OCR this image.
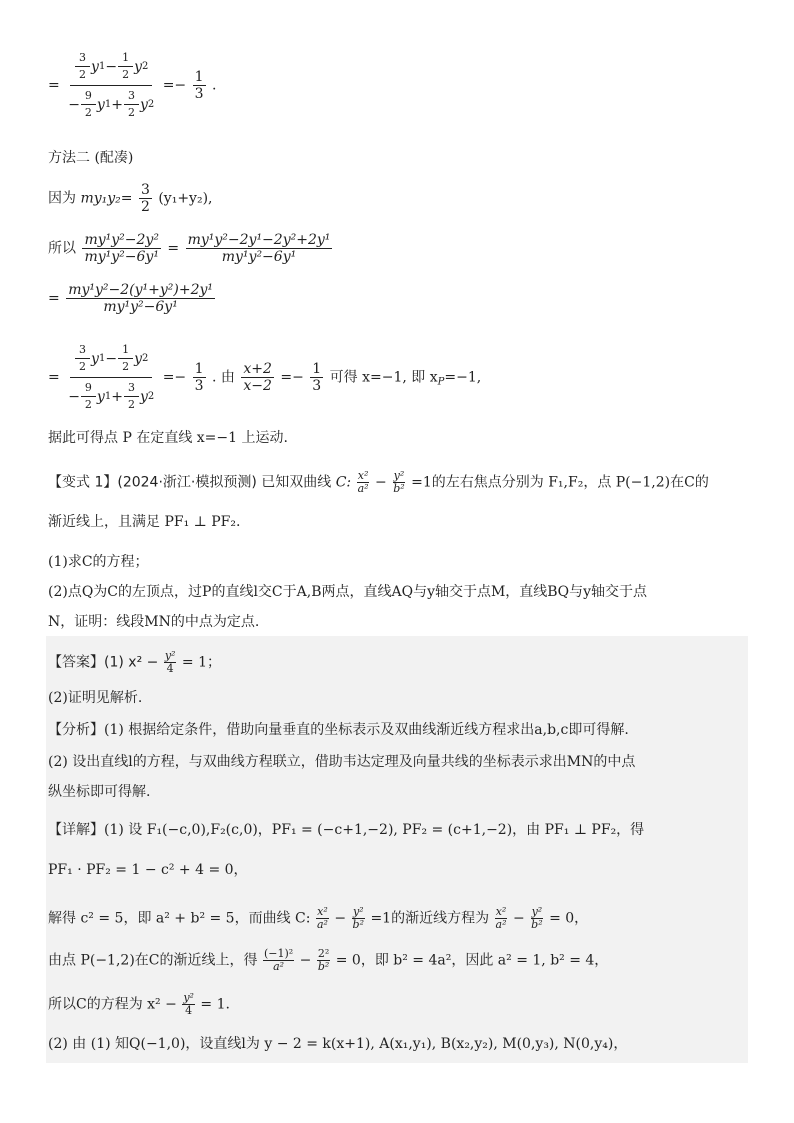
= $\frac{\frac{3}{2} y 1 - \frac{1}{2} y 2}{- \frac{9}{2} y 1 + \frac{3}{2} y 2} =- \frac{1}{3}$ .
方法二 (配凑)
因为 $my_1y_2= \frac{3}{2} (y_1+y_2)$,
所以 $\frac{\text{my¹y²−2y²}}{\text{my¹y²−6y¹}} = \frac{\text{my¹y²−2y¹−2y²+2y¹}}{\text{my¹y²−6y¹}}$
= $\frac{\text{my¹y²−2(y¹+y²)+2y¹}}{\text{my¹y²−6y¹}}$
= $\frac{\frac{3}{2} y 1 - \frac{1}{2} y 2}{- \frac{9}{2} y 1 + \frac{3}{2} y 2} =- \frac{1}{3}$ . 由 $\frac{x+2}{x-2} =- \frac{1}{3}$ 可得 x=−1, 即 $x_P=-1$,
据此可得点 P 在定直线 x=−1 上运动.
【变式 1】(2024·浙江·模拟预测) 已知双曲线 C: $\frac{\text{x²}}{\text{a²}} - \frac{\text{y²}}{\text{b²}} =1$的左右焦点分别为 F₁,F₂，点 P(−1,2)在C的
渐近线上，且满足 PF₁ ⊥ PF₂.
(1)求C的方程；
(2)点Q为C的左顶点，过P的直线l交C于A,B两点，直线AQ与y轴交于点M，直线BQ与y轴交于点
N，证明：线段MN的中点为定点.
【答案】(1) $x^2 - \frac{\text{y²}}{4} = 1$；
(2)证明见解析.
【分析】(1) 根据给定条件，借助向量垂直的坐标表示及双曲线渐近线方程求出a,b,c即可得解.
(2) 设出直线l的方程，与双曲线方程联立，借助韦达定理及向量共线的坐标表示求出MN的中点
纵坐标即可得解.
【详解】(1) 设 F₁(−c,0),F₂(c,0)，PF₁ = (−c+1,−2), PF₂ = (c+1,−2)，由 PF₁ ⊥ PF₂，得
PF₁ · PF₂ = 1 − c² + 4 = 0，
解得 c² = 5，即 a² + b² = 5，而曲线 C: $\frac{\text{x²}}{\text{a²}} - \frac{\text{y²}}{\text{b²}} =1$的渐近线方程为 $\frac{\text{x²}}{\text{a²}} - \frac{\text{y²}}{\text{b²}} = 0$，
由点 P(−1,2)在C的渐近线上，得 $\frac{\text{(−1)²}}{\text{a²}} - \frac{\text{2²}}{\text{b²}} = 0$，即 b² = 4a²，因此 a² = 1, b² = 4，
所以C的方程为 $x^2 - \frac{\text{y²}}{4} = 1$.
(2) 由 (1) 知Q(−1,0)，设直线l为 y − 2 = k(x+1), A(x₁,y₁), B(x₂,y₂), M(0,y₃), N(0,y₄)，
